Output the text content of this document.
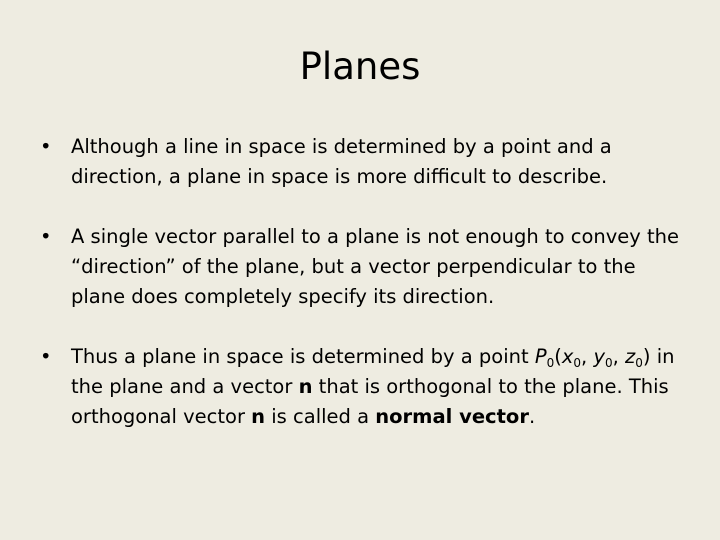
Planes
• Although a line in space is determined by a point and a direction, a plane in space is more difficult to describe.
• A single vector parallel to a plane is not enough to convey the “direction” of the plane, but a vector perpendicular to the plane does completely specify its direction.
• Thus a plane in space is determined by a point $P_0(x_0$, $y_0$, $z_0$) in the plane and a vector n that is orthogonal to the plane. This orthogonal vector n is called a normal vector.
